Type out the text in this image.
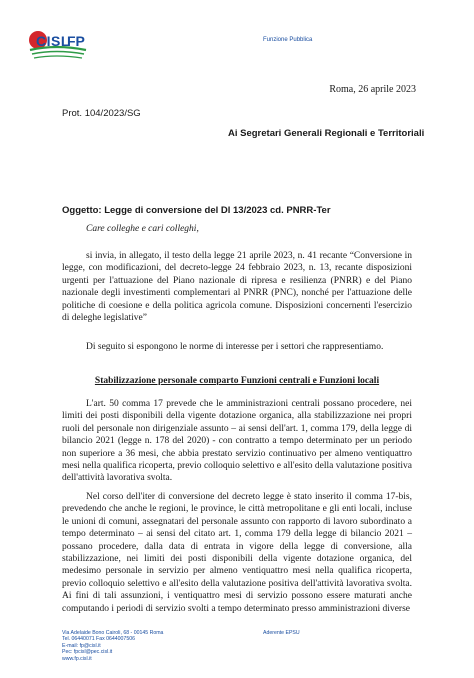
CISL
FP	Funzione Pubblica
Roma, 26 aprile 2023
Prot. 104/2023/SG
Ai Segretari Generali Regionali e Territoriali
Oggetto: Legge di conversione del Dl 13/2023 cd. PNRR-Ter
Care colleghe e cari colleghi,
si invia, in allegato, il testo della legge 21 aprile 2023, n. 41 recante “Conversione in legge, con modificazioni, del decreto-legge 24 febbraio 2023, n. 13, recante disposizioni urgenti per l'attuazione del Piano nazionale di ripresa e resilienza (PNRR) e del Piano nazionale degli investimenti complementari al PNRR (PNC), nonché per l'attuazione delle politiche di coesione e della politica agricola comune. Disposizioni concernenti l'esercizio di deleghe legislative”
Di seguito si espongono le norme di interesse per i settori che rappresentiamo.
Stabilizzazione personale comparto Funzioni centrali e Funzioni locali
L'art. 50 comma 17 prevede che le amministrazioni centrali possano procedere, nei limiti dei posti disponibili della vigente dotazione organica, alla stabilizzazione nei propri ruoli del personale non dirigenziale assunto – ai sensi dell'art. 1, comma 179, della legge di bilancio 2021 (legge n. 178 del 2020) - con contratto a tempo determinato per un periodo non superiore a 36 mesi, che abbia prestato servizio continuativo per almeno ventiquattro mesi nella qualifica ricoperta, previo colloquio selettivo e all'esito della valutazione positiva dell'attività lavorativa svolta.
Nel corso dell'iter di conversione del decreto legge è stato inserito il comma 17-bis, prevedendo che anche le regioni, le province, le città metropolitane e gli enti locali, incluse le unioni di comuni, assegnatari del personale assunto con rapporto di lavoro subordinato a tempo determinato – ai sensi del citato art. 1, comma 179 della legge di bilancio 2021 – possano procedere, dalla data di entrata in vigore della legge di conversione, alla stabilizzazione, nei limiti dei posti disponibili della vigente dotazione organica, del medesimo personale in servizio per almeno ventiquattro mesi nella qualifica ricoperta, previo colloquio selettivo e all'esito della valutazione positiva dell'attività lavorativa svolta. Ai fini di tali assunzioni, i ventiquattro mesi di servizio possono essere maturati anche computando i periodi di servizio svolti a tempo determinato presso amministrazioni diverse
Via Adelaide Bono Cairoli, 68 - 00145 Roma
Tel. 06440071 Fax 0644007506
E-mail: fp@cisl.it
Pec: fpcisl@pec.cisl.it
www.fp.cisl.it
Aderente EPSU
